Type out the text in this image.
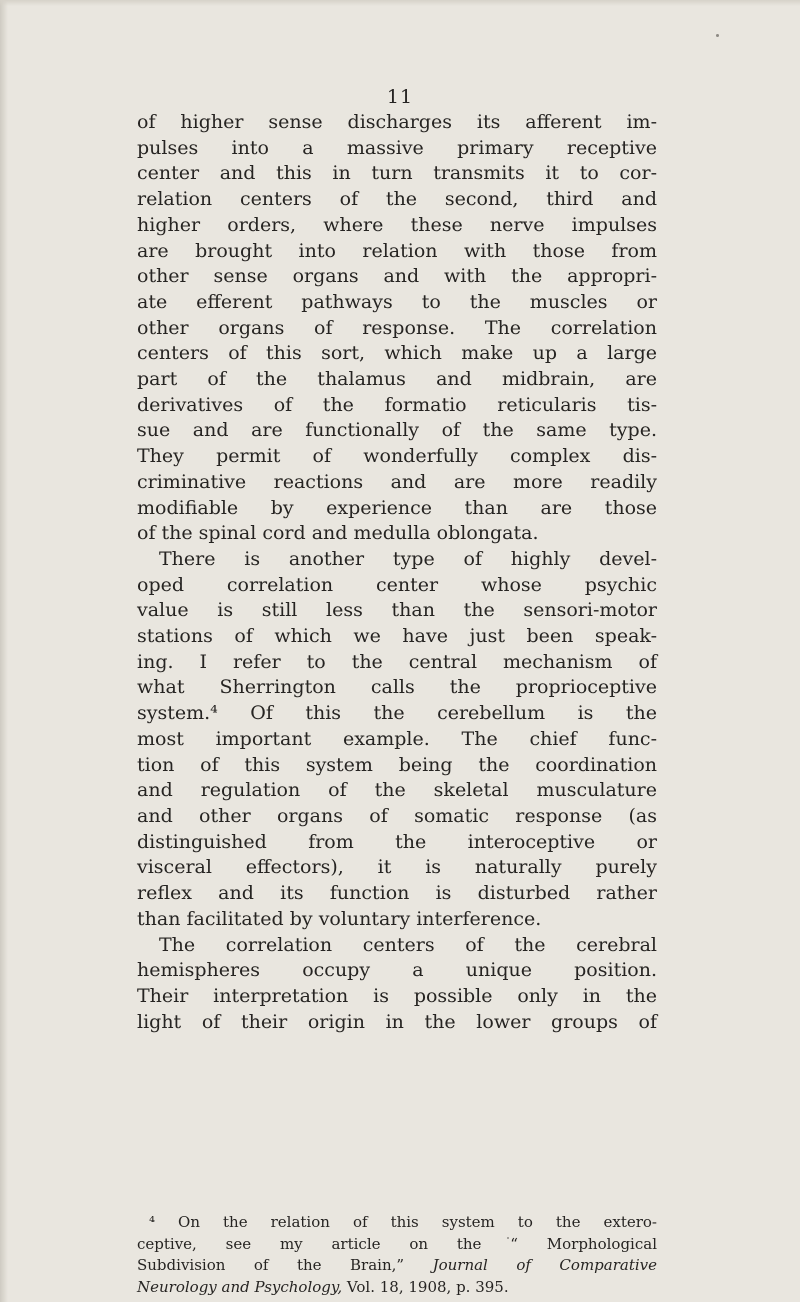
11
of higher sense discharges its afferent im-
pulses into a massive primary receptive
center and this in turn transmits it to cor-
relation centers of the second, third and
higher orders, where these nerve impulses
are brought into relation with those from
other sense organs and with the appropri-
ate efferent pathways to the muscles or
other organs of response. The correlation
centers of this sort, which make up a large
part of the thalamus and midbrain, are
derivatives of the formatio reticularis tis-
sue and are functionally of the same type.
They permit of wonderfully complex dis-
criminative reactions and are more readily
modifiable by experience than are those
of the spinal cord and medulla oblongata.
There is another type of highly devel-
oped correlation center whose psychic
value is still less than the sensori-motor
stations of which we have just been speak-
ing. I refer to the central mechanism of
what Sherrington calls the proprioceptive
system.⁴ Of this the cerebellum is the
most important example. The chief func-
tion of this system being the coordination
and regulation of the skeletal musculature
and other organs of somatic response (as
distinguished from the interoceptive or
visceral effectors), it is naturally purely
reflex and its function is disturbed rather
than facilitated by voluntary interference.
The correlation centers of the cerebral
hemispheres occupy a unique position.
Their interpretation is possible only in the
light of their origin in the lower groups of
⁴ On the relation of this system to the extero-
ceptive, see my article on the “ Morphological
Subdivision of the Brain,” Journal of Comparative
Neurology and Psychology, Vol. 18, 1908, p. 395.
